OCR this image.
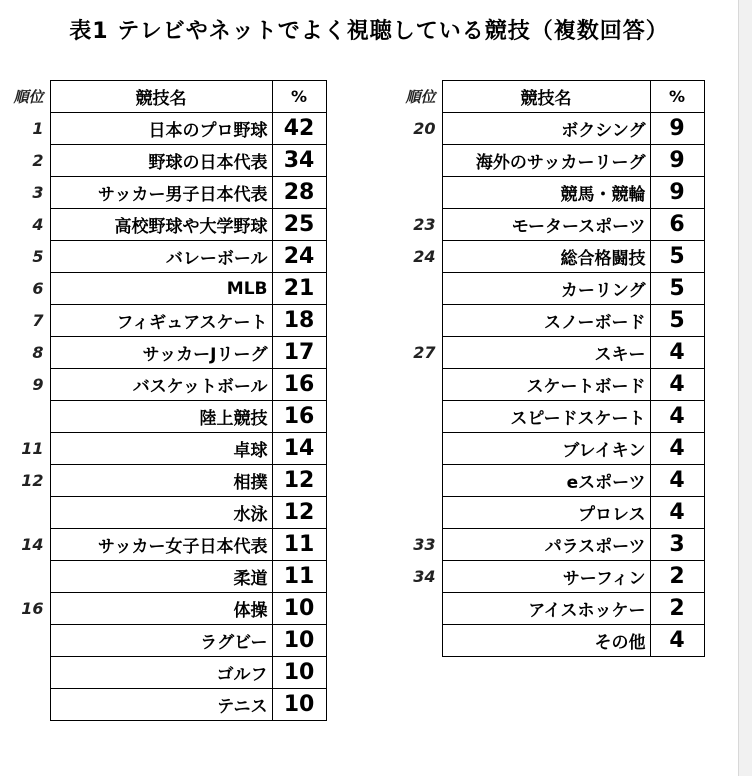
表1 テレビやネットでよく視聴している競技（複数回答）
順位	競技名	%
1	日本のプロ野球	42
2	野球の日本代表	34
3	サッカー男子日本代表	28
4	高校野球や大学野球	25
5	バレーボール	24
6	MLB	21
7	フィギュアスケート	18
8	サッカーJリーグ	17
9	バスケットボール	16
	陸上競技	16
11	卓球	14
12	相撲	12
	水泳	12
14	サッカー女子日本代表	11
	柔道	11
16	体操	10
	ラグビー	10
	ゴルフ	10
	テニス	10
順位	競技名	%
20	ボクシング	9
	海外のサッカーリーグ	9
	競馬・競輪	9
23	モータースポーツ	6
24	総合格闘技	5
	カーリング	5
	スノーボード	5
27	スキー	4
	スケートボード	4
	スピードスケート	4
	ブレイキン	4
	eスポーツ	4
	プロレス	4
33	パラスポーツ	3
34	サーフィン	2
	アイスホッケー	2
	その他	4
